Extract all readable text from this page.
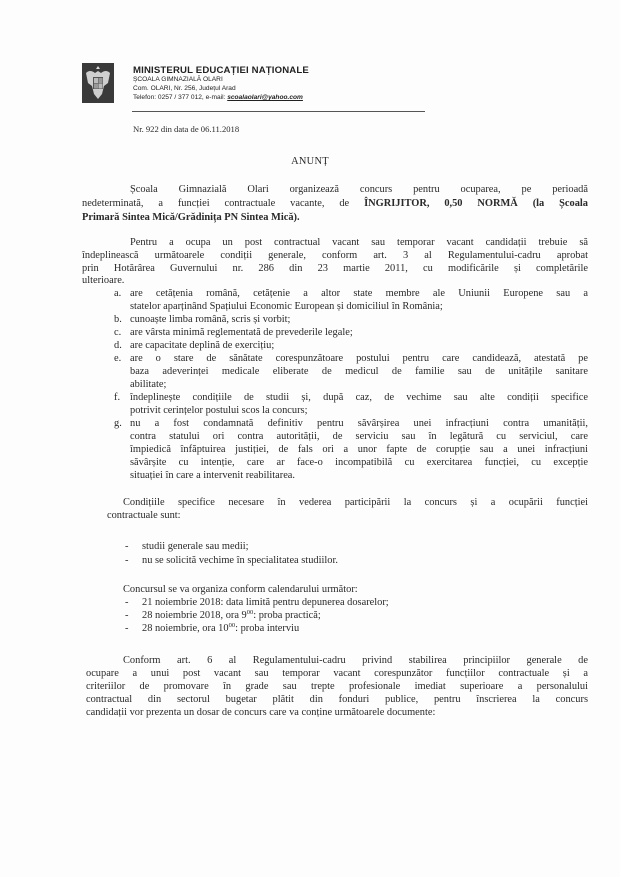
MINISTERUL EDUCAȚIEI NAȚIONALE
ȘCOALA GIMNAZIALĂ OLARI
Com. OLARI, Nr. 256, Județul Arad
Telefon: 0257 / 377 012, e-mail: scoalaolari@yahoo.com
Nr. 922 din data de 06.11.2018
ANUNȚ
Școala Gimnazială Olari organizează concurs pentru ocuparea, pe perioadă
nedeterminată, a funcției contractuale vacante, de ÎNGRIJITOR, 0,50 NORMĂ (la Școala
Primară Sintea Mică/Grădinița PN Sintea Mică).
Pentru a ocupa un post contractual vacant sau temporar vacant candidații trebuie să
îndeplinească următoarele condiții generale, conform art. 3 al Regulamentului-cadru aprobat
prin Hotărârea Guvernului nr. 286 din 23 martie 2011, cu modificările și completările
ulterioare.
a. are cetățenia română, cetățenie a altor state membre ale Uniunii Europene sau a
statelor aparținând Spațiului Economic European și domiciliul în România;
b. cunoaște limba română, scris și vorbit;
c. are vârsta minimă reglementată de prevederile legale;
d. are capacitate deplină de exercițiu;
e. are o stare de sănătate corespunzătoare postului pentru care candidează, atestată pe
baza adeverinței medicale eliberate de medicul de familie sau de unitățile sanitare
abilitate;
f. îndeplinește condițiile de studii și, după caz, de vechime sau alte condiții specifice
potrivit cerințelor postului scos la concurs;
g. nu a fost condamnată definitiv pentru săvârșirea unei infracțiuni contra umanității,
contra statului ori contra autorității, de serviciu sau în legătură cu serviciul, care
împiedică înfăptuirea justiției, de fals ori a unor fapte de corupție sau a unei infracțiuni
săvârșite cu intenție, care ar face-o incompatibilă cu exercitarea funcției, cu excepție
situației în care a intervenit reabilitarea.
Condițiile specifice necesare în vederea participării la concurs și a ocupării funcției
contractuale sunt:
- studii generale sau medii;
- nu se solicită vechime în specialitatea studiilor.
Concursul se va organiza conform calendarului următor:
- 21 noiembrie 2018: data limită pentru depunerea dosarelor;
- 28 noiembrie 2018, ora $9^{00}$: proba practică;
- 28 noiembrie, ora $10^{00}$: proba interviu
Conform art. 6 al Regulamentului-cadru privind stabilirea principiilor generale de
ocupare a unui post vacant sau temporar vacant corespunzător funcțiilor contractuale și a
criteriilor de promovare în grade sau trepte profesionale imediat superioare a personalului
contractual din sectorul bugetar plătit din fonduri publice, pentru înscrierea la concurs
candidații vor prezenta un dosar de concurs care va conține următoarele documente:
